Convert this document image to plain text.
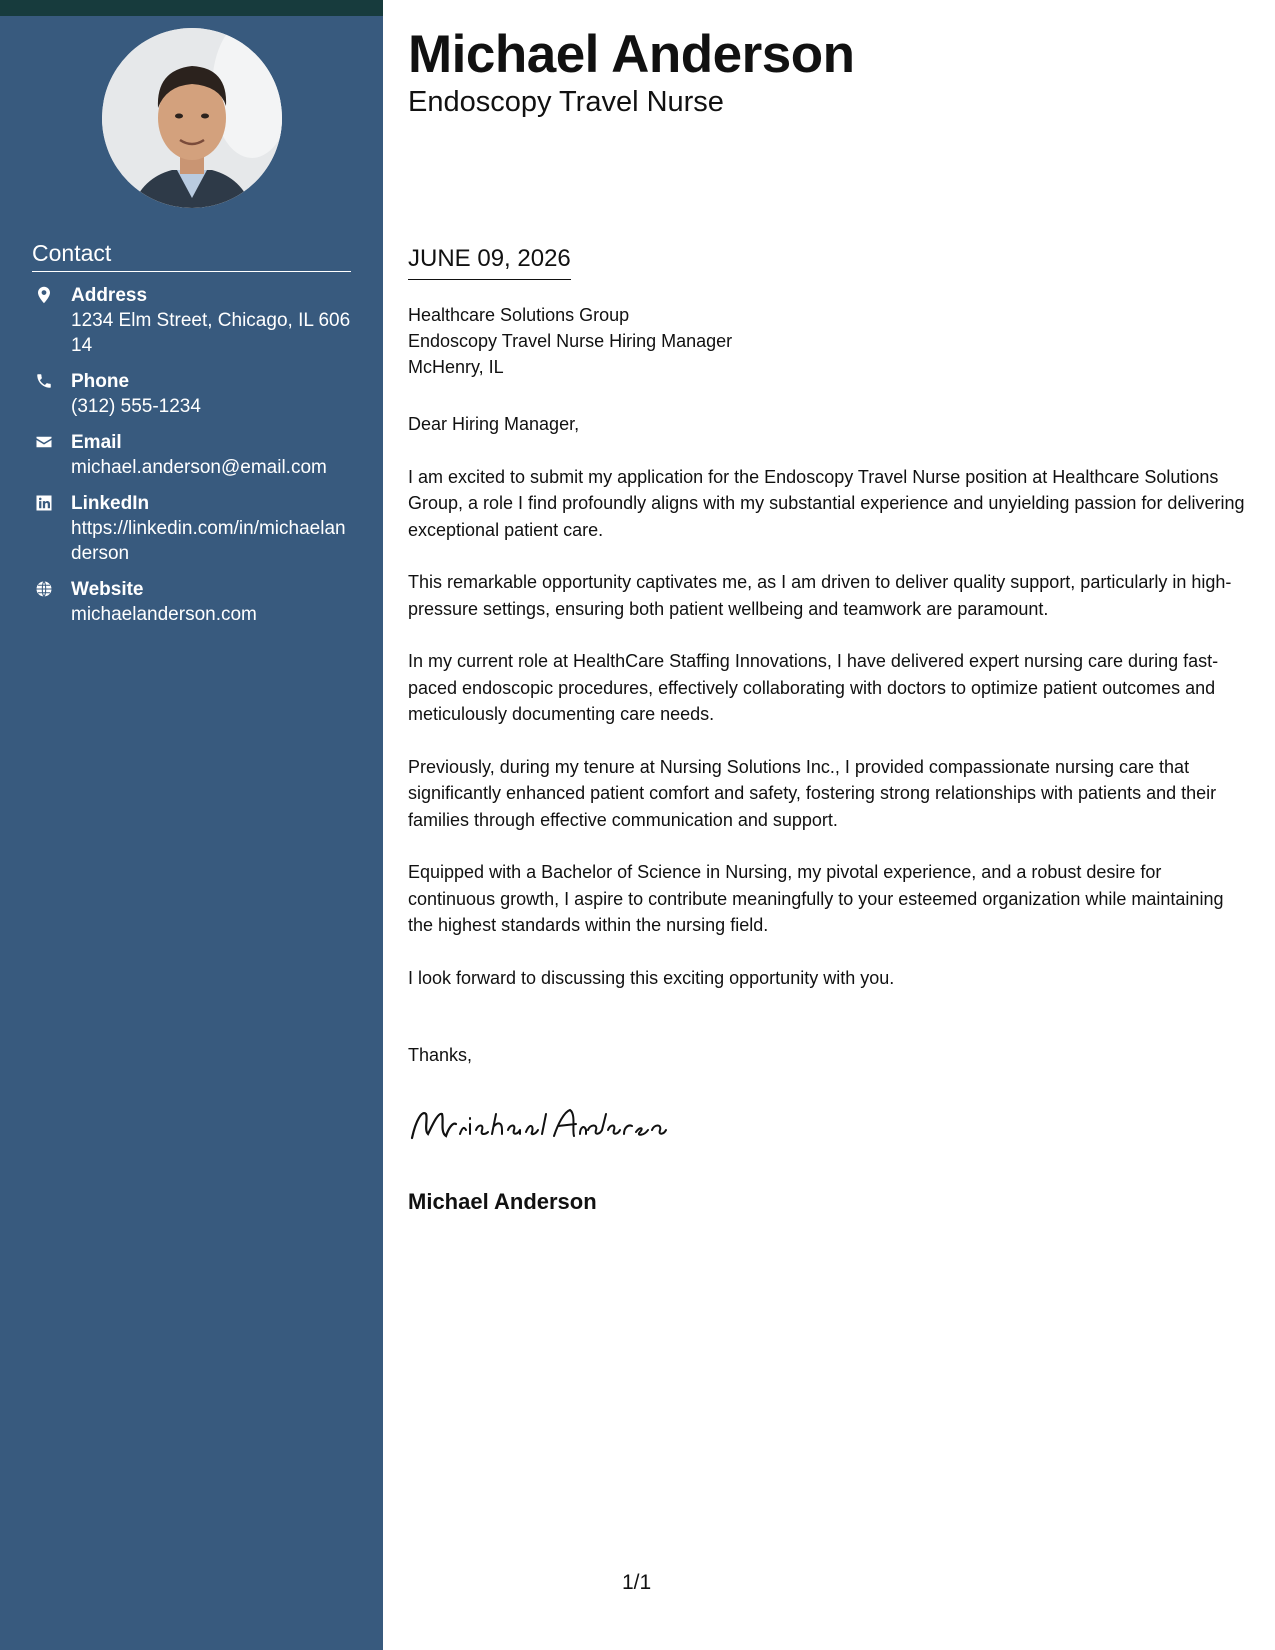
Contact
Address
1234 Elm Street, Chicago, IL 60614
Phone
(312) 555-1234
Email
michael.anderson@email.com
LinkedIn
https://linkedin.com/in/michaelanderson
Website
michaelanderson.com
Michael Anderson
Endoscopy Travel Nurse
JUNE 09, 2026
Healthcare Solutions Group
Endoscopy Travel Nurse Hiring Manager
McHenry, IL

Dear Hiring Manager,

I am excited to submit my application for the Endoscopy Travel Nurse position at Healthcare Solutions Group, a role I find profoundly aligns with my substantial experience and unyielding passion for delivering exceptional patient care.

This remarkable opportunity captivates me, as I am driven to deliver quality support, particularly in high-pressure settings, ensuring both patient wellbeing and teamwork are paramount.

In my current role at HealthCare Staffing Innovations, I have delivered expert nursing care during fast-paced endoscopic procedures, effectively collaborating with doctors to optimize patient outcomes and meticulously documenting care needs.

Previously, during my tenure at Nursing Solutions Inc., I provided compassionate nursing care that significantly enhanced patient comfort and safety, fostering strong relationships with patients and their families through effective communication and support.

Equipped with a Bachelor of Science in Nursing, my pivotal experience, and a robust desire for continuous growth, I aspire to contribute meaningfully to your esteemed organization while maintaining the highest standards within the nursing field.

I look forward to discussing this exciting opportunity with you.

Thanks,
Michael Anderson
1/1
